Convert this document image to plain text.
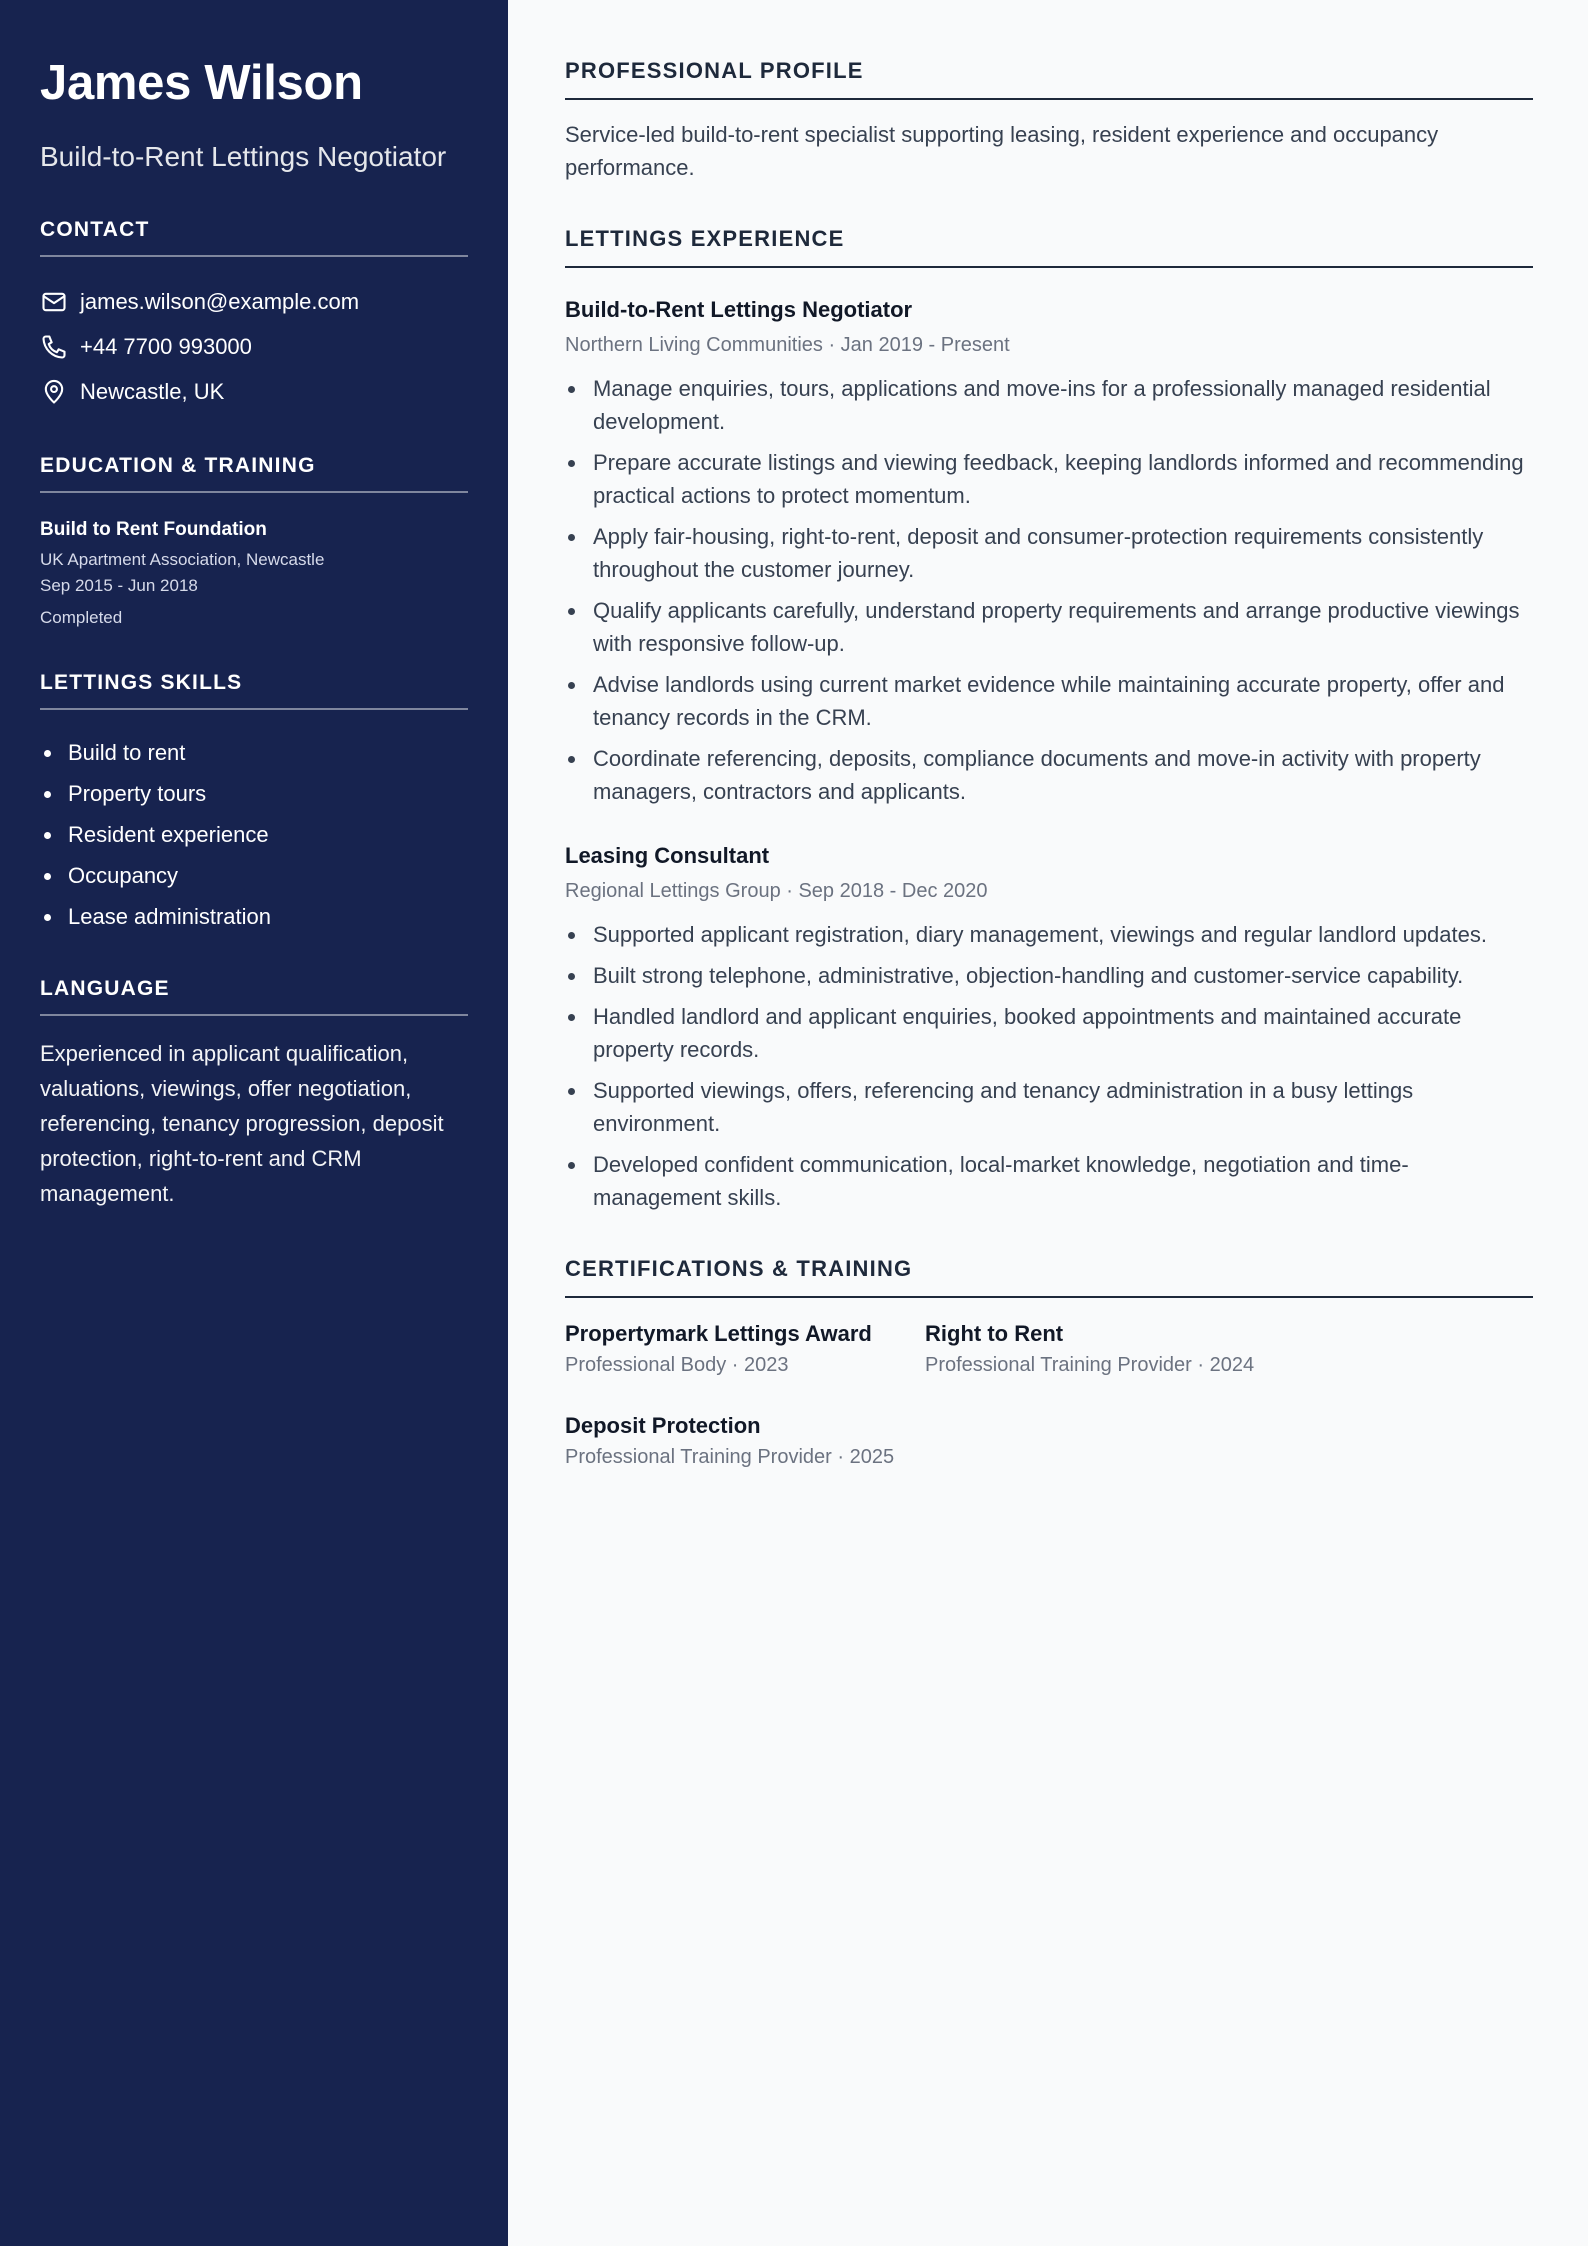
James Wilson
Build-to-Rent Lettings Negotiator
CONTACT
james.wilson@example.com
+44 7700 993000
Newcastle, UK
EDUCATION & TRAINING
Build to Rent Foundation
UK Apartment Association, Newcastle
Sep 2015 - Jun 2018
Completed
LETTINGS SKILLS
Build to rent
Property tours
Resident experience
Occupancy
Lease administration
LANGUAGE

Experienced in applicant qualification, valuations, viewings, offer negotiation, referencing, tenancy progression, deposit protection, right-to-rent and CRM management.

PROFESSIONAL PROFILE

Service-led build-to-rent specialist supporting leasing, resident experience and occupancy performance.

LETTINGS EXPERIENCE
Build-to-Rent Lettings Negotiator
Northern Living Communities · Jan 2019 - Present
Manage enquiries, tours, applications and move-ins for a professionally managed residential development.
Prepare accurate listings and viewing feedback, keeping landlords informed and recommending practical actions to protect momentum.
Apply fair-housing, right-to-rent, deposit and consumer-protection requirements consistently throughout the customer journey.
Qualify applicants carefully, understand property requirements and arrange productive viewings with responsive follow-up.
Advise landlords using current market evidence while maintaining accurate property, offer and tenancy records in the CRM.
Coordinate referencing, deposits, compliance documents and move-in activity with property managers, contractors and applicants.
Leasing Consultant
Regional Lettings Group · Sep 2018 - Dec 2020
Supported applicant registration, diary management, viewings and regular landlord updates.
Built strong telephone, administrative, objection-handling and customer-service capability.
Handled landlord and applicant enquiries, booked appointments and maintained accurate property records.
Supported viewings, offers, referencing and tenancy administration in a busy lettings environment.
Developed confident communication, local-market knowledge, negotiation and time-management skills.
CERTIFICATIONS & TRAINING
Propertymark Lettings Award
Professional Body · 2023
Right to Rent
Professional Training Provider · 2024
Deposit Protection
Professional Training Provider · 2025
